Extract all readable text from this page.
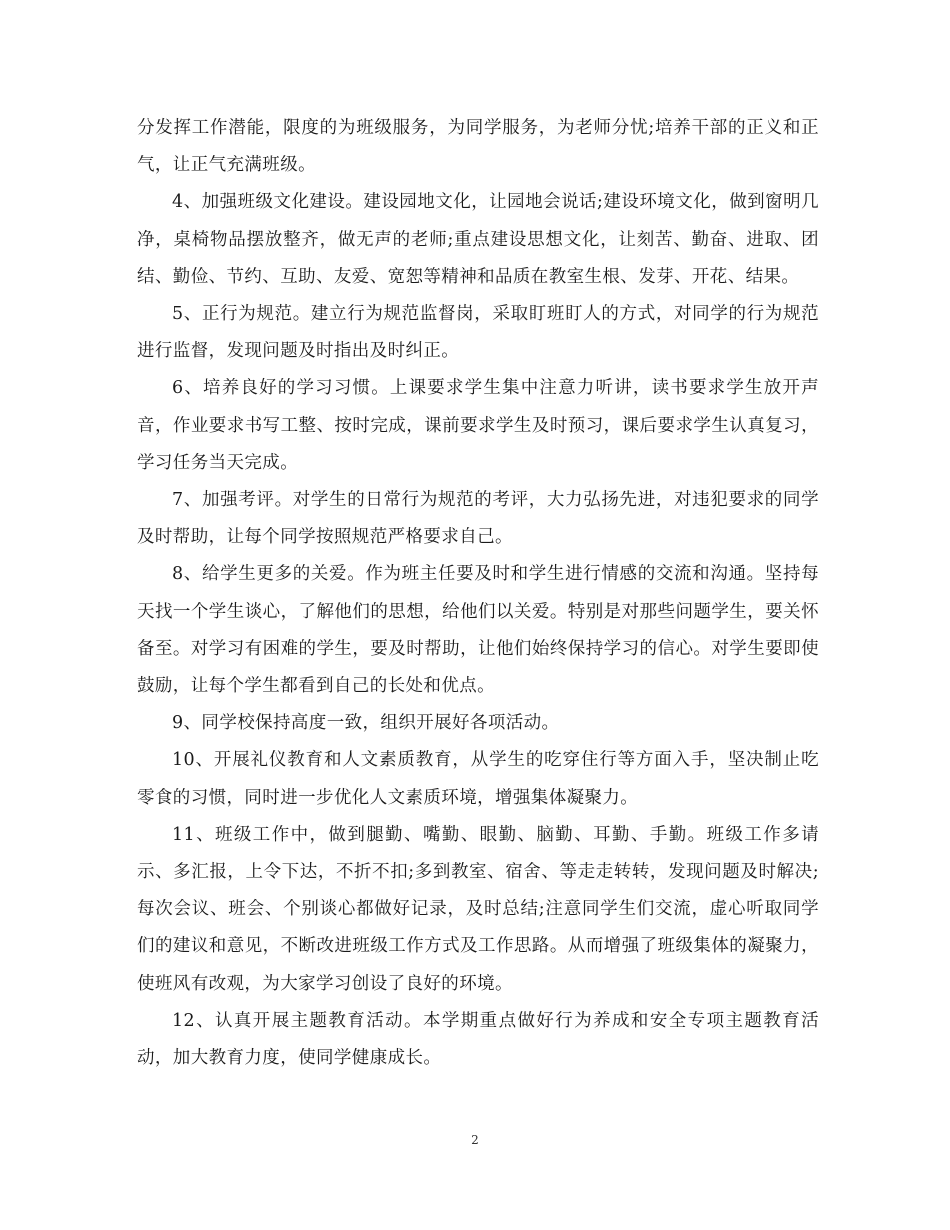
分发挥工作潜能，限度的为班级服务，为同学服务，为老师分忧;培养干部的正义和正气，让正气充满班级。

4、加强班级文化建设。建设园地文化，让园地会说话;建设环境文化，做到窗明几净，桌椅物品摆放整齐，做无声的老师;重点建设思想文化，让刻苦、勤奋、进取、团结、勤俭、节约、互助、友爱、宽恕等精神和品质在教室生根、发芽、开花、结果。

5、正行为规范。建立行为规范监督岗，采取盯班盯人的方式，对同学的行为规范进行监督，发现问题及时指出及时纠正。

6、培养良好的学习习惯。上课要求学生集中注意力听讲，读书要求学生放开声音，作业要求书写工整、按时完成，课前要求学生及时预习，课后要求学生认真复习，学习任务当天完成。

7、加强考评。对学生的日常行为规范的考评，大力弘扬先进，对违犯要求的同学及时帮助，让每个同学按照规范严格要求自己。

8、给学生更多的关爱。作为班主任要及时和学生进行情感的交流和沟通。坚持每天找一个学生谈心，了解他们的思想，给他们以关爱。特别是对那些问题学生，要关怀备至。对学习有困难的学生，要及时帮助，让他们始终保持学习的信心。对学生要即使鼓励，让每个学生都看到自己的长处和优点。

9、同学校保持高度一致，组织开展好各项活动。

10、开展礼仪教育和人文素质教育，从学生的吃穿住行等方面入手，坚决制止吃零食的习惯，同时进一步优化人文素质环境，增强集体凝聚力。

11、班级工作中，做到腿勤、嘴勤、眼勤、脑勤、耳勤、手勤。班级工作多请示、多汇报，上令下达，不折不扣;多到教室、宿舍、等走走转转，发现问题及时解决;每次会议、班会、个别谈心都做好记录，及时总结;注意同学生们交流，虚心听取同学们的建议和意见，不断改进班级工作方式及工作思路。从而增强了班级集体的凝聚力，使班风有改观，为大家学习创设了良好的环境。

12、认真开展主题教育活动。本学期重点做好行为养成和安全专项主题教育活动，加大教育力度，使同学健康成长。

2
